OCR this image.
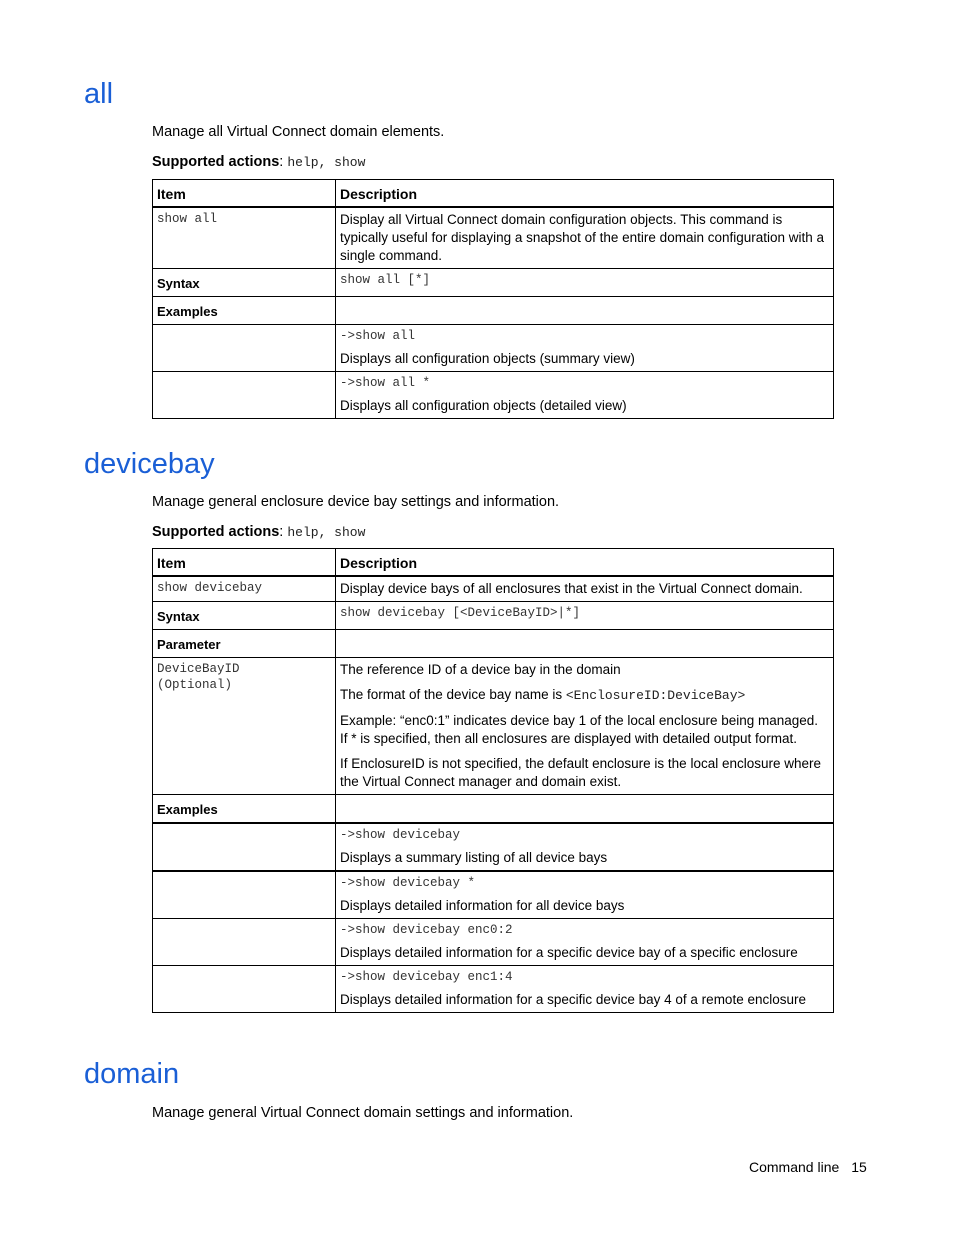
all

Manage all Virtual Connect domain elements.

Supported actions: help, show

Item	Description
show all	Display all Virtual Connect domain configuration objects. This command is typically useful for displaying a snapshot of the entire domain configuration with a single command.
Syntax	show all [*]
Examples	

	->show all
Displays all configuration objects (summary view)

	->show all *
Displays all configuration objects (detailed view)
devicebay

Manage general enclosure device bay settings and information.

Supported actions: help, show

Item	Description
show devicebay	Display device bays of all enclosures that exist in the Virtual Connect domain.
Syntax	show devicebay [<DeviceBayID>|*]
Parameter	

DeviceBayID
(Optional)	The reference ID of a device bay in the domain
The format of the device bay name is <EnclosureID:DeviceBay>
Example: “enc0:1” indicates device bay 1 of the local enclosure being managed. If * is specified, then all enclosures are displayed with detailed output format.
If EnclosureID is not specified, the default enclosure is the local enclosure where the Virtual Connect manager and domain exist.

Examples	

	->show devicebay
Displays a summary listing of all device bays

	->show devicebay *
Displays detailed information for all device bays

	->show devicebay enc0:2
Displays detailed information for a specific device bay of a specific enclosure

	->show devicebay enc1:4
Displays detailed information for a specific device bay 4 of a remote enclosure
domain

Manage general Virtual Connect domain settings and information.

Command line 15
